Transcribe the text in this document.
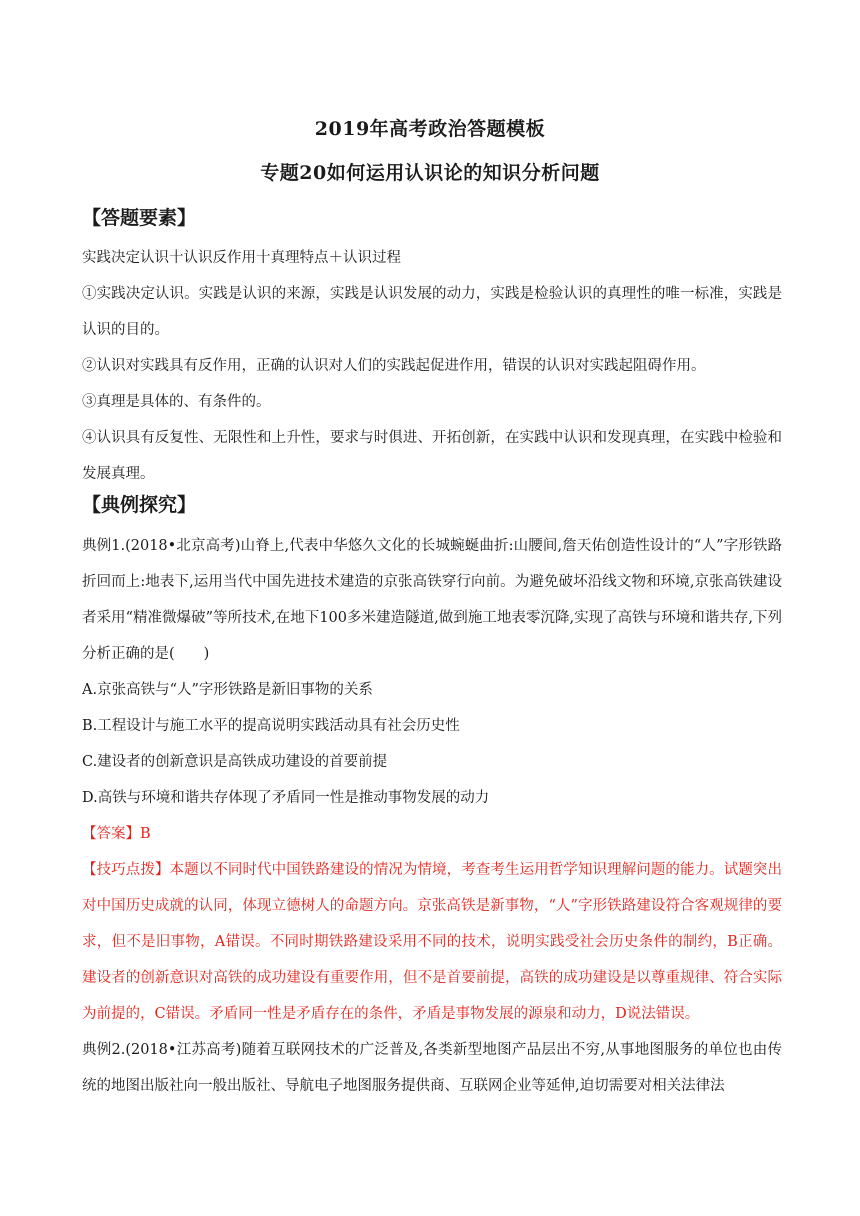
2019年高考政治答题模板
专题20如何运用认识论的知识分析问题
【答题要素】
实践决定认识十认识反作用十真理特点＋认识过程
①实践决定认识。实践是认识的来源，实践是认识发展的动力，实践是检验认识的真理性的唯一标准，实践是认识的目的。
②认识对实践具有反作用，正确的认识对人们的实践起促进作用，错误的认识对实践起阻碍作用。
③真理是具体的、有条件的。
④认识具有反复性、无限性和上升性，要求与时俱进、开拓创新，在实践中认识和发现真理，在实践中检验和发展真理。
【典例探究】
典例1.(2018•北京高考)山脊上,代表中华悠久文化的长城蜿蜒曲折:山腰间,詹天佑创造性设计的“人”字形铁路折回而上:地表下,运用当代中国先进技术建造的京张高铁穿行向前。为避免破坏沿线文物和环境,京张高铁建设者采用“精准微爆破”等所技术,在地下100多米建造隧道,做到施工地表零沉降,实现了高铁与环境和谐共存,下列分析正确的是(　　)
A.京张高铁与“人”字形铁路是新旧事物的关系
B.工程设计与施工水平的提高说明实践活动具有社会历史性
C.建设者的创新意识是高铁成功建设的首要前提
D.高铁与环境和谐共存体现了矛盾同一性是推动事物发展的动力
【答案】B
【技巧点拨】本题以不同时代中国铁路建设的情况为情境，考查考生运用哲学知识理解问题的能力。试题突出对中国历史成就的认同，体现立德树人的命题方向。京张高铁是新事物，“人”字形铁路建设符合客观规律的要求，但不是旧事物，A错误。不同时期铁路建设采用不同的技术，说明实践受社会历史条件的制约，B正确。建设者的创新意识对高铁的成功建设有重要作用，但不是首要前提，高铁的成功建设是以尊重规律、符合实际为前提的，C错误。矛盾同一性是矛盾存在的条件，矛盾是事物发展的源泉和动力，D说法错误。
典例2.(2018•江苏高考)随着互联网技术的广泛普及,各类新型地图产品层出不穷,从事地图服务的单位也由传统的地图出版社向一般出版社、导航电子地图服务提供商、互联网企业等延伸,迫切需要对相关法律法
